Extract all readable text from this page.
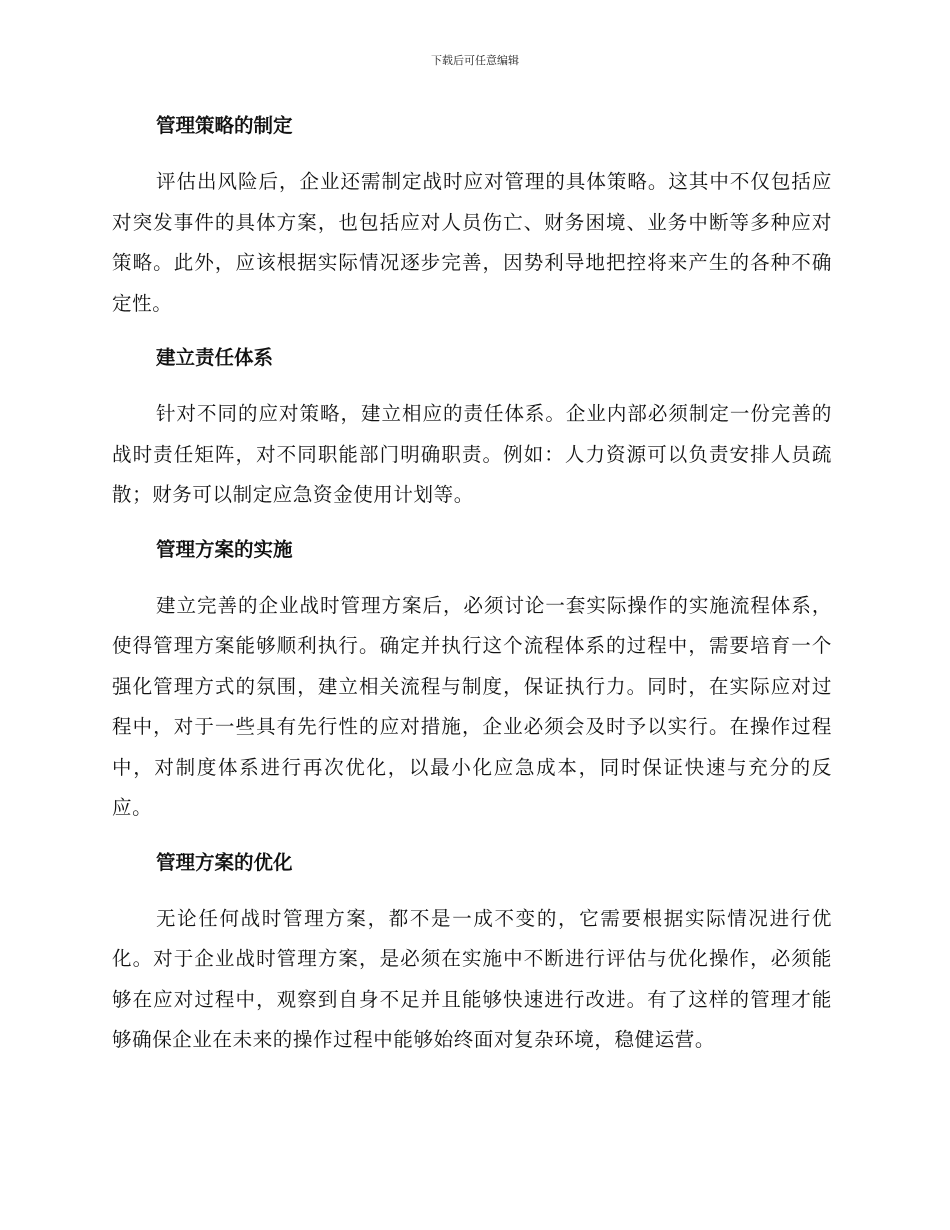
下载后可任意编辑
管理策略的制定

评估出风险后，企业还需制定战时应对管理的具体策略。这其中不仅包括应对突发事件的具体方案，也包括应对人员伤亡、财务困境、业务中断等多种应对策略。此外，应该根据实际情况逐步完善，因势利导地把控将来产生的各种不确定性。

建立责任体系

针对不同的应对策略，建立相应的责任体系。企业内部必须制定一份完善的战时责任矩阵，对不同职能部门明确职责。例如：人力资源可以负责安排人员疏散；财务可以制定应急资金使用计划等。

管理方案的实施

建立完善的企业战时管理方案后，必须讨论一套实际操作的实施流程体系，使得管理方案能够顺利执行。确定并执行这个流程体系的过程中，需要培育一个强化管理方式的氛围，建立相关流程与制度，保证执行力。同时，在实际应对过程中，对于一些具有先行性的应对措施，企业必须会及时予以实行。在操作过程中，对制度体系进行再次优化，以最小化应急成本，同时保证快速与充分的反应。

管理方案的优化

无论任何战时管理方案，都不是一成不变的，它需要根据实际情况进行优化。对于企业战时管理方案，是必须在实施中不断进行评估与优化操作，必须能够在应对过程中，观察到自身不足并且能够快速进行改进。有了这样的管理才能够确保企业在未来的操作过程中能够始终面对复杂环境，稳健运营。
